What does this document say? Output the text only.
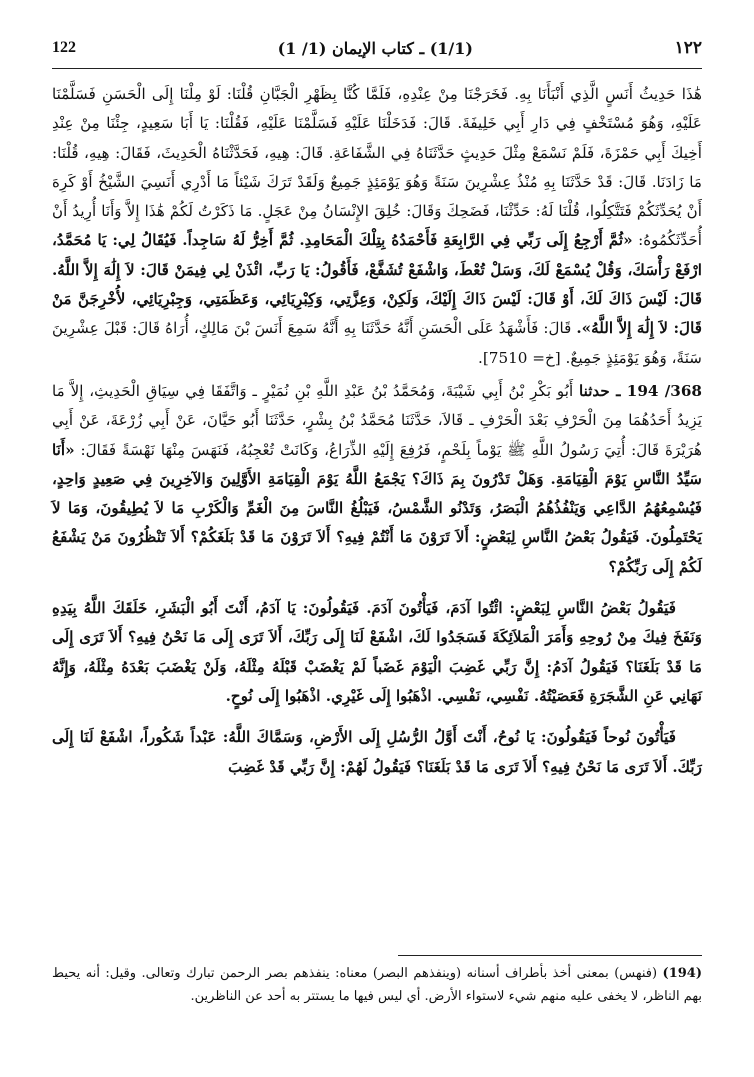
122	(1/1) ـ كتاب الإيمان (1/ 1)	١٢٢

هَٰذَا حَدِيثُ أَنَسٍ الَّذِي أَنْبَأَنَا بِهِ. فَخَرَجْنَا مِنْ عِنْدِهِ، فَلَمَّا كُنَّا بِظَهْرِ الْجَبَّانِ قُلْنَا: لَوْ مِلْنَا إِلَى الْحَسَنِ فَسَلَّمْنَا عَلَيْهِ، وَهُوَ مُسْتَخْفٍ فِي دَارِ أَبِي خَلِيفَةَ. قَالَ: فَدَخَلْنَا عَلَيْهِ فَسَلَّمْنَا عَلَيْهِ، فَقُلْنَا: يَا أَبَا سَعِيدٍ، جِئْنَا مِنْ عِنْدِ أَخِيكَ أَبِي حَمْزَةَ، فَلَمْ نَسْمَعْ مِثْلَ حَدِيثٍ حَدَّثَنَاهُ فِي الشَّفَاعَةِ. قَالَ: هِيهِ، فَحَدَّثْنَاهُ الْحَدِيثَ، فَقَالَ: هِيهِ، قُلْنَا: مَا زَادَنَا. قَالَ: قَدْ حَدَّثَنَا بِهِ مُنْذُ عِشْرِينَ سَنَةً وَهُوَ يَوْمَئِذٍ جَمِيعٌ وَلَقَدْ تَرَكَ شَيْئاً مَا أَدْرِي أَنَسِيَ الشَّيْخُ أَوْ كَرِهَ أَنْ يُحَدِّثَكُمْ فَتَتَّكِلُوا، قُلْنَا لَهُ: حَدِّثْنَا، فَضَحِكَ وَقَالَ: خُلِقَ الإِنْسَانُ مِنْ عَجَلٍ. مَا ذَكَرْتُ لَكُمْ هَٰذَا إِلاَّ وَأَنَا أُرِيدُ أَنْ أُحَدِّثَكُمُوهُ: «ثُمَّ أَرْجِعُ إِلَى رَبِّي فِي الرَّابِعَةِ فَأَحْمَدُهُ بِتِلْكَ الْمَحَامِدِ. ثُمَّ أَخِرُّ لَهُ سَاجِداً. فَيُقَالُ لِي: يَا مُحَمَّدُ، ارْفَعْ رَأْسَكَ، وَقُلْ يُسْمَعْ لَكَ، وَسَلْ تُعْطَ، وَاشْفَعْ تُشَفَّعْ، فَأَقُولُ: يَا رَبِّ، ائْذَنْ لِي فِيمَنْ قَالَ: لاَ إِلَٰهَ إِلاَّ اللَّهُ. قَالَ: لَيْسَ ذَاكَ لَكَ، أَوْ قَالَ: لَيْسَ ذَاكَ إِلَيْكَ، وَلَكِنْ، وَعِزَّتِي، وَكِبْرِيَائِي، وَعَظَمَتِي، وَجِبْرِيَائِي، لأُخْرِجَنَّ مَنْ قَالَ: لاَ إِلَٰهَ إِلاَّ اللَّهُ». قَالَ: فَأَشْهَدُ عَلَى الْحَسَنِ أَنَّهُ حَدَّثَنَا بِهِ أَنَّهُ سَمِعَ أَنَسَ بْنَ مَالِكٍ، أُرَاهُ قَالَ: قَبْلَ عِشْرِينَ سَنَةً، وَهُوَ يَوْمَئِذٍ جَمِيعٌ. [خ= 7510].

368/ 194 ـ حدثنا أَبُو بَكْرِ بْنُ أَبِي شَيْبَةَ، وَمُحَمَّدُ بْنُ عَبْدِ اللَّهِ بْنِ نُمَيْرٍ ـ وَاتَّفَقَا فِي سِيَاقِ الْحَدِيثِ، إِلاَّ مَا يَزِيدُ أَحَدُهُمَا مِنَ الْحَرْفِ بَعْدَ الْحَرْفِ ـ قَالاَ، حَدَّثَنَا مُحَمَّدُ بْنُ بِشْرٍ، حَدَّثَنَا أَبُو حَيَّانَ، عَنْ أَبِي زُرْعَةَ، عَنْ أَبِي هُرَيْرَةَ قَالَ: أُتِيَ رَسُولُ اللَّهِ ﷺ يَوْماً بِلَحْمٍ، فَرُفِعَ إِلَيْهِ الذِّرَاعُ، وَكَانَتْ تُعْجِبُهُ، فَنَهَسَ مِنْهَا نَهْسَةً فَقَالَ: «أَنَا سَيِّدُ النَّاسِ يَوْمَ الْقِيَامَةِ. وَهَلْ تَدْرُونَ بِمَ ذَاكَ؟ يَجْمَعُ اللَّهُ يَوْمَ الْقِيَامَةِ الأَوَّلِينَ وَالآخِرِينَ فِي صَعِيدٍ وَاحِدٍ، فَيُسْمِعُهُمُ الدَّاعِي وَيَنْفُذُهُمُ الْبَصَرُ، وَتَدْنُو الشَّمْسُ، فَيَبْلُغُ النَّاسَ مِنَ الْغَمِّ وَالْكَرْبِ مَا لاَ يُطِيقُونَ، وَمَا لاَ يَحْتَمِلُونَ. فَيَقُولُ بَعْضُ النَّاسِ لِبَعْضٍ: أَلاَ تَرَوْنَ مَا أَنْتُمْ فِيهِ؟ أَلاَ تَرَوْنَ مَا قَدْ بَلَغَكُمْ؟ أَلاَ تَنْظُرُونَ مَنْ يَشْفَعُ لَكُمْ إِلَى رَبِّكُمْ؟

فَيَقُولُ بَعْضُ النَّاسِ لِبَعْضٍ: ائْتُوا آدَمَ، فَيَأْتُونَ آدَمَ. فَيَقُولُونَ: يَا آدَمُ، أَنْتَ أَبُو الْبَشَرِ، خَلَقَكَ اللَّهُ بِيَدِهِ وَنَفَخَ فِيكَ مِنْ رُوحِهِ وَأَمَرَ الْمَلاَئِكَةَ فَسَجَدُوا لَكَ، اشْفَعْ لَنَا إِلَى رَبِّكَ، أَلاَ تَرَى إِلَى مَا نَحْنُ فِيهِ؟ أَلاَ تَرَى إِلَى مَا قَدْ بَلَغَنَا؟ فَيَقُولُ آدَمُ: إِنَّ رَبِّي غَضِبَ الْيَوْمَ غَضَباً لَمْ يَغْضَبْ قَبْلَهُ مِثْلَهُ، وَلَنْ يَغْضَبَ بَعْدَهُ مِثْلَهُ، وَإِنَّهُ نَهَانِي عَنِ الشَّجَرَةِ فَعَصَيْتُهُ. نَفْسِي، نَفْسِي. اذْهَبُوا إِلَى غَيْرِي. اذْهَبُوا إِلَى نُوحٍ.

فَيَأْتُونَ نُوحاً فَيَقُولُونَ: يَا نُوحُ، أَنْتَ أَوَّلُ الرُّسُلِ إِلَى الأَرْضِ، وَسَمَّاكَ اللَّهُ: عَبْداً شَكُوراً، اشْفَعْ لَنَا إِلَى رَبِّكَ. أَلاَ تَرَى مَا نَحْنُ فِيهِ؟ أَلاَ تَرَى مَا قَدْ بَلَغَنَا؟ فَيَقُولُ لَهُمْ: إِنَّ رَبِّي قَدْ غَضِبَ

(194) (فنهس) بمعنى أخذ بأطراف أسنانه (وينفذهم البصر) معناه: ينفذهم بصر الرحمن تبارك وتعالى. وقيل: أنه يحيط بهم الناظر، لا يخفى عليه منهم شيء لاستواء الأرض. أي ليس فيها ما يستتر به أحد عن الناظرين.
